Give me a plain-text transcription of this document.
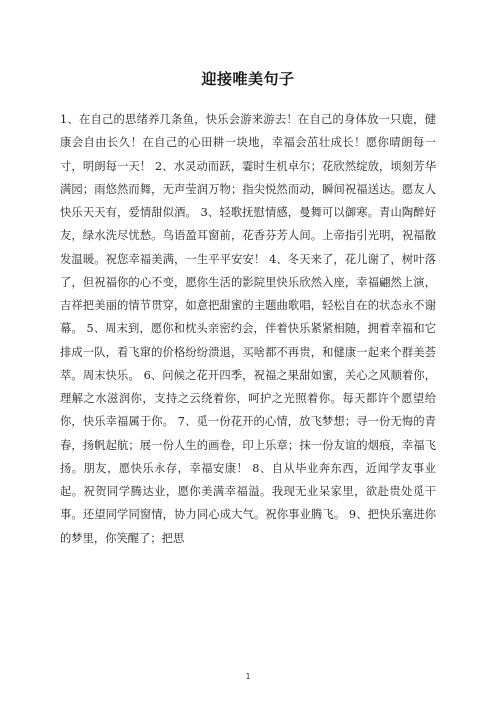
迎接唯美句子

1、在自己的思绪养几条鱼，快乐会游来游去！在自己的身体放一只鹿，健康会自由长久！在自己的心田耕一块地，幸福会茁壮成长！愿你晴朗每一寸，明朗每一天！ 2、水灵动而跃，霎时生机卓尔；花欣然绽放，顷刻芳华满园；雨悠然而舞，无声莹润万物；指尖悦然而动，瞬间祝福送达。愿友人快乐天天有，爱情甜似酒。 3、轻歌抚慰情感，曼舞可以御寒。青山陶醉好友，绿水洗尽忧愁。鸟语盈耳窗前，花香芬芳人间。上帝指引光明，祝福散发温暖。祝您幸福美满，一生平平安安！ 4、冬天来了，花儿谢了，树叶落了，但祝福你的心不变，愿你生活的影院里快乐欣然入座，幸福翩然上演，吉祥把美丽的情节贯穿，如意把甜蜜的主题曲歌唱，轻松自在的状态永不谢幕。 5、周末到，愿你和枕头亲密约会，伴着快乐紧紧相随，拥着幸福和它排成一队，看飞窜的价格纷纷溃退，买啥都不再贵，和健康一起来个群美荟萃。周末快乐。 6、问候之花开四季，祝福之果甜如蜜，关心之风顺着你，理解之水滋润你，支持之云绕着你，呵护之光照着你。每天都许个愿望给你，快乐幸福属于你。 7、觅一份花开的心情，放飞梦想；寻一份无悔的青春，扬帆起航；展一份人生的画卷，印上乐章；抹一份友谊的烟痕，幸福飞扬。朋友，愿快乐永存，幸福安康！ 8、自从毕业奔东西，近闻学友事业起。祝贺同学腾达业，愿你美满幸福溢。我现无业呆家里，欲赴贵处觅干事。还望同学同窗情，协力同心成大气。祝你事业腾飞。 9、把快乐塞进你的梦里，你笑醒了；把思

1
